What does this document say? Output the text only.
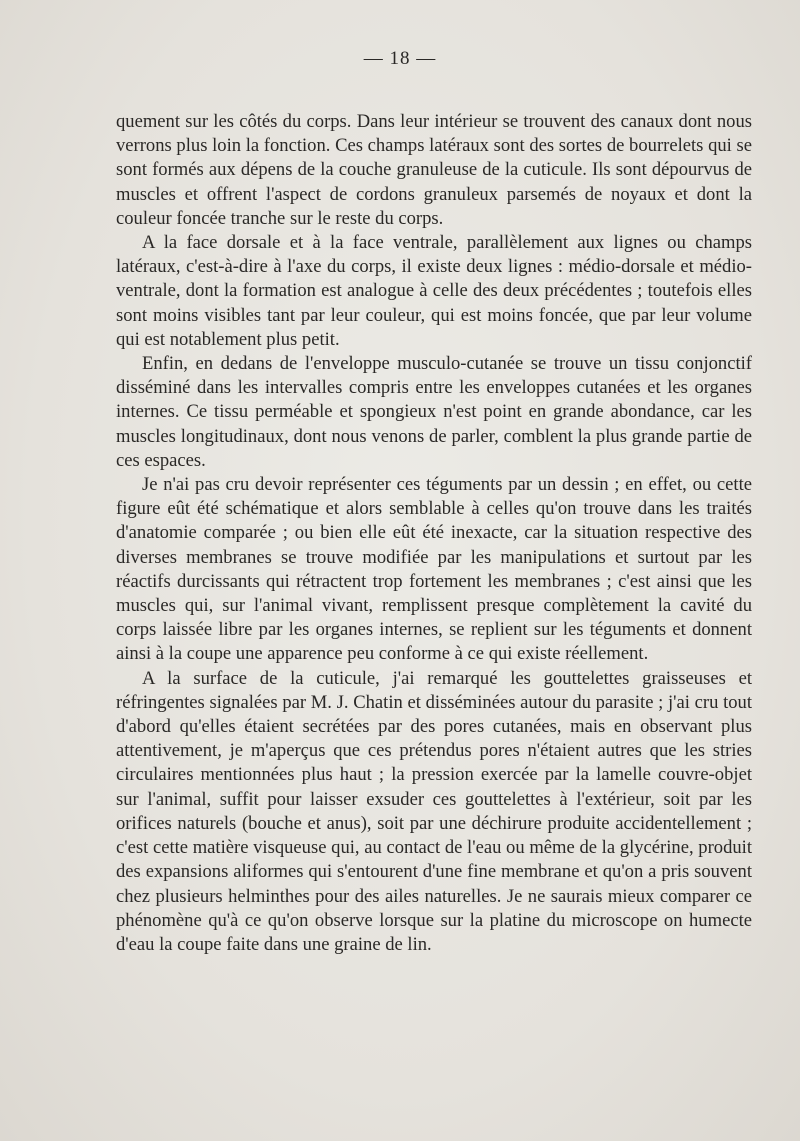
— 18 —

quement sur les côtés du corps. Dans leur intérieur se trouvent des canaux dont nous verrons plus loin la fonction. Ces champs latéraux sont des sortes de bourrelets qui se sont formés aux dépens de la couche granuleuse de la cuticule. Ils sont dépourvus de muscles et offrent l'aspect de cordons granuleux parsemés de noyaux et dont la couleur foncée tranche sur le reste du corps.

A la face dorsale et à la face ventrale, parallèlement aux lignes ou champs latéraux, c'est-à-dire à l'axe du corps, il existe deux lignes : médio-dorsale et médio-ventrale, dont la formation est analogue à celle des deux précédentes ; toutefois elles sont moins visibles tant par leur couleur, qui est moins foncée, que par leur volume qui est notablement plus petit.

Enfin, en dedans de l'enveloppe musculo-cutanée se trouve un tissu conjonctif disséminé dans les intervalles compris entre les enveloppes cutanées et les organes internes. Ce tissu perméable et spongieux n'est point en grande abondance, car les muscles longitudinaux, dont nous venons de parler, comblent la plus grande partie de ces espaces.

Je n'ai pas cru devoir représenter ces téguments par un dessin ; en effet, ou cette figure eût été schématique et alors semblable à celles qu'on trouve dans les traités d'anatomie comparée ; ou bien elle eût été inexacte, car la situation respective des diverses membranes se trouve modifiée par les manipulations et surtout par les réactifs durcissants qui rétractent trop fortement les membranes ; c'est ainsi que les muscles qui, sur l'animal vivant, remplissent presque complètement la cavité du corps laissée libre par les organes internes, se replient sur les téguments et donnent ainsi à la coupe une apparence peu conforme à ce qui existe réellement.

A la surface de la cuticule, j'ai remarqué les gouttelettes graisseuses et réfringentes signalées par M. J. Chatin et disséminées autour du parasite ; j'ai cru tout d'abord qu'elles étaient secrétées par des pores cutanées, mais en observant plus attentivement, je m'aperçus que ces prétendus pores n'étaient autres que les stries circulaires mentionnées plus haut ; la pression exercée par la lamelle couvre-objet sur l'animal, suffit pour laisser exsuder ces gouttelettes à l'extérieur, soit par les orifices naturels (bouche et anus), soit par une déchirure produite accidentellement ; c'est cette matière visqueuse qui, au contact de l'eau ou même de la glycérine, produit des expansions aliformes qui s'entourent d'une fine membrane et qu'on a pris souvent chez plusieurs helminthes pour des ailes naturelles. Je ne saurais mieux comparer ce phénomène qu'à ce qu'on observe lorsque sur la platine du microscope on humecte d'eau la coupe faite dans une graine de lin.
